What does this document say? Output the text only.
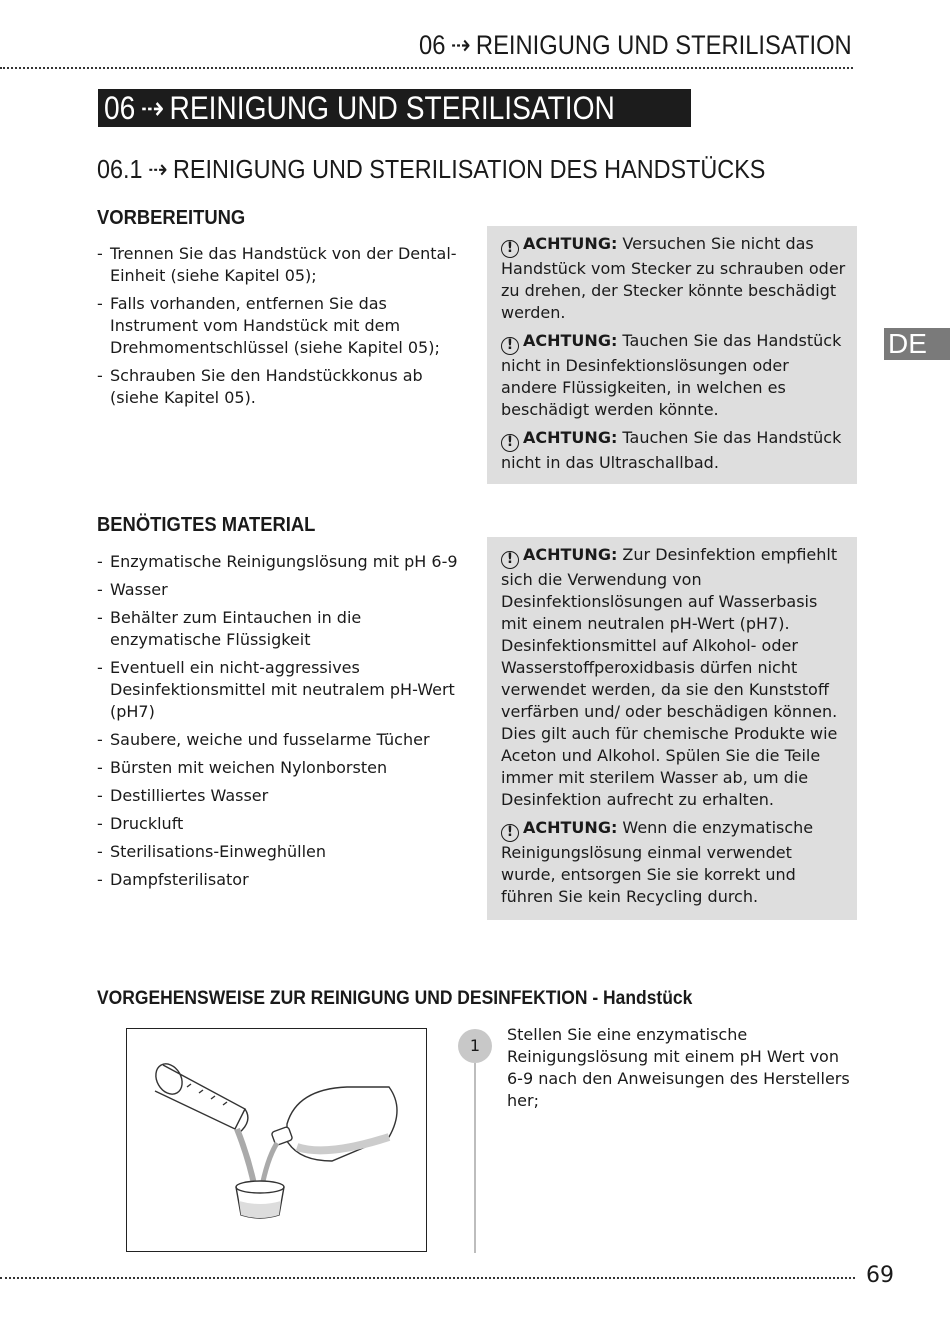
06 ⇢ REINIGUNG UND STERILISATION
06 ⇢ REINIGUNG UND STERILISATION
06.1 ⇢ REINIGUNG UND STERILISATION DES HANDSTÜCKS
DE
VORBEREITUNG
- Trennen Sie das Handstück von der Dental-Einheit (siehe Kapitel 05);
- Falls vorhanden, entfernen Sie das Instrument vom Handstück mit dem Drehmomentschlüssel (siehe Kapitel 05);
- Schrauben Sie den Handstückkonus ab (siehe Kapitel 05).
! ACHTUNG: Versuchen Sie nicht das Handstück vom Stecker zu schrauben oder zu drehen, der Stecker könnte beschädigt werden.
! ACHTUNG: Tauchen Sie das Handstück nicht in Desinfektionslösungen oder andere Flüssigkeiten, in welchen es beschädigt werden könnte.
! ACHTUNG: Tauchen Sie das Handstück nicht in das Ultraschallbad.
BENÖTIGTES MATERIAL
- Enzymatische Reinigungslösung mit pH 6-9
- Wasser
- Behälter zum Eintauchen in die enzymatische Flüssigkeit
- Eventuell ein nicht-aggressives Desinfektionsmittel mit neutralem pH-Wert (pH7)
- Saubere, weiche und fusselarme Tücher
- Bürsten mit weichen Nylonborsten
- Destilliertes Wasser
- Druckluft
- Sterilisations-Einweghüllen
- Dampfsterilisator
! ACHTUNG: Zur Desinfektion empfiehlt sich die Verwendung von Desinfektionslösungen auf Wasserbasis mit einem neutralen pH-Wert (pH7). Desinfektionsmittel auf Alkohol- oder Wasserstoffperoxidbasis dürfen nicht verwendet werden, da sie den Kunststoff verfärben und/ oder beschädigen können. Dies gilt auch für chemische Produkte wie Aceton und Alkohol. Spülen Sie die Teile immer mit sterilem Wasser ab, um die Desinfektion aufrecht zu erhalten.
! ACHTUNG: Wenn die enzymatische Reinigungslösung einmal verwendet wurde, entsorgen Sie sie korrekt und führen Sie kein Recycling durch.
VORGEHENSWEISE ZUR REINIGUNG UND DESINFEKTION - Handstück
1
Stellen Sie eine enzymatische Reinigungslösung mit einem pH Wert von 6-9 nach den Anweisungen des Herstellers her;
69
